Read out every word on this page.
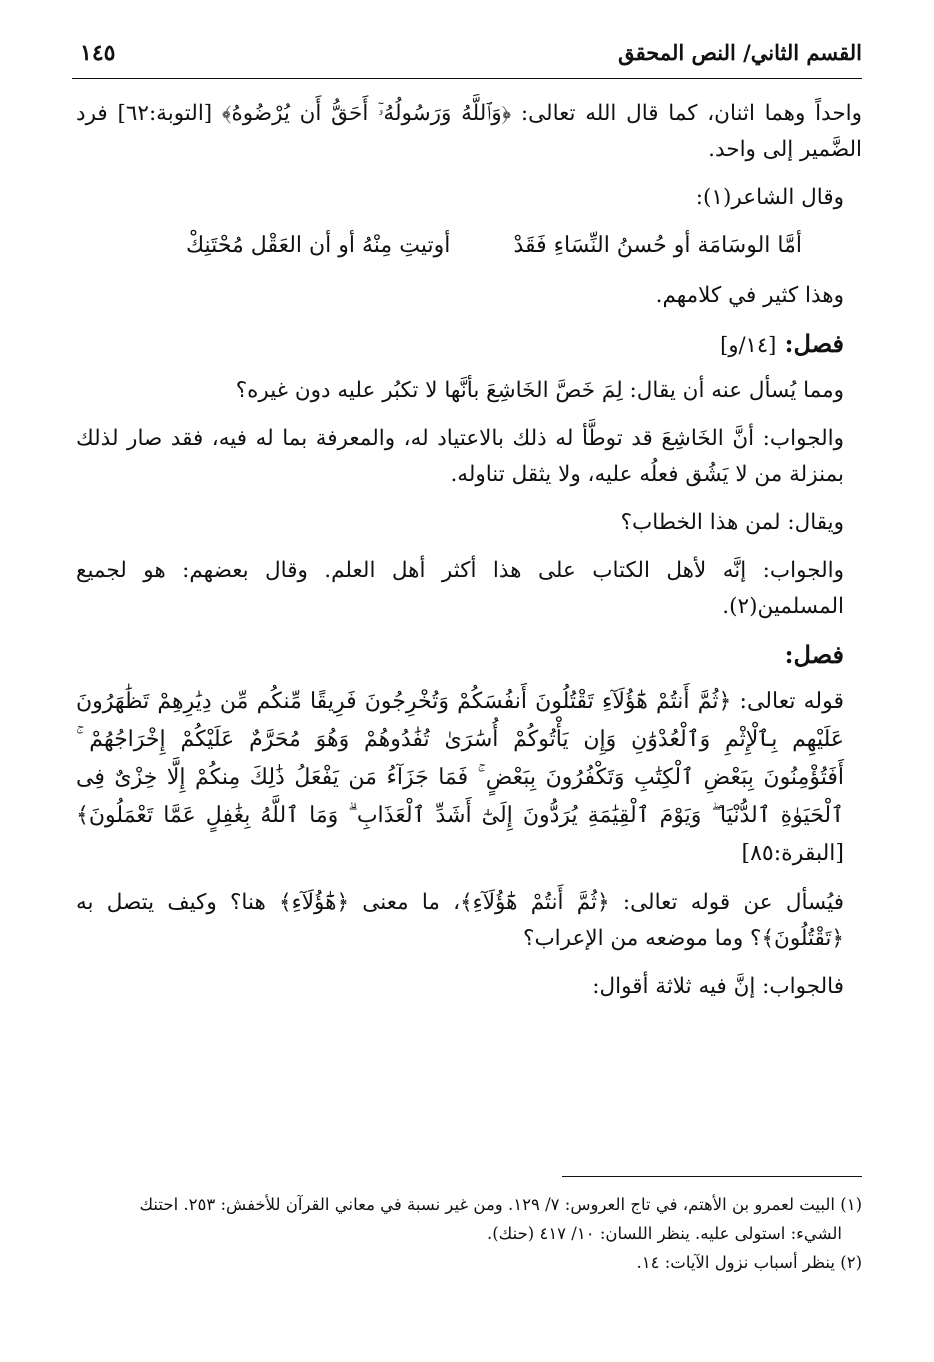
القسم الثاني/ النص المحقق
١٤٥

واحداً وهما اثنان، كما قال الله تعالى: ﴿وَٱللَّهُ وَرَسُولُهُۥٓ أَحَقُّ أَن يُرْضُوهُ﴾ [التوبة:٦٢] فرد الضَّمير إلى واحد.

وقال الشاعر(١):

أمَّا الوسَامَة أو حُسنُ النِّسَاءِ فَقَدْ
أوتيتِ مِنْهُ أو أن العَقْل مُحْتَنِكْ

وهذا كثير في كلامهم.

فصل: [١٤/و]

ومما يُسأل عنه أن يقال: لِمَ خَصَّ الخَاشِعَ بأنَّها لا تكبُر عليه دون غيره؟

والجواب: أنَّ الخَاشِعَ قد توطَّأ له ذلك بالاعتياد له، والمعرفة بما له فيه، فقد صار لذلك بمنزلة من لا يَشُق فعلُه عليه، ولا يثقل تناوله.

ويقال: لمن هذا الخطاب؟

والجواب: إنَّه لأهل الكتاب على هذا أكثر أهل العلم. وقال بعضهم: هو لجميع المسلمين(٢).

فصل:

قوله تعالى: ﴿ثُمَّ أَنتُمْ هَٰٓؤُلَآءِ تَقْتُلُونَ أَنفُسَكُمْ وَتُخْرِجُونَ فَرِيقًا مِّنكُم مِّن دِيَٰرِهِمْ تَظَٰهَرُونَ عَلَيْهِم بِٱلْإِثْمِ وَٱلْعُدْوَٰنِ وَإِن يَأْتُوكُمْ أُسَٰرَىٰ تُفَٰدُوهُمْ وَهُوَ مُحَرَّمٌ عَلَيْكُمْ إِخْرَاجُهُمْ ۚ أَفَتُؤْمِنُونَ بِبَعْضِ ٱلْكِتَٰبِ وَتَكْفُرُونَ بِبَعْضٍ ۚ فَمَا جَزَآءُ مَن يَفْعَلُ ذَٰلِكَ مِنكُمْ إِلَّا خِزْىٌ فِى ٱلْحَيَوٰةِ ٱلدُّنْيَا ۖ وَيَوْمَ ٱلْقِيَٰمَةِ يُرَدُّونَ إِلَىٰٓ أَشَدِّ ٱلْعَذَابِ ۗ وَمَا ٱللَّهُ بِغَٰفِلٍ عَمَّا تَعْمَلُونَ﴾ [البقرة:٨٥]

فيُسأل عن قوله تعالى: ﴿ثُمَّ أَنتُمْ هَٰٓؤُلَآءِ﴾، ما معنى ﴿هَٰٓؤُلَآءِ﴾ هنا؟ وكيف يتصل به ﴿تَقْتُلُونَ﴾؟ وما موضعه من الإعراب؟

فالجواب: إنَّ فيه ثلاثة أقوال:

(١) البيت لعمرو بن الأهتم، في تاج العروس: ٧/ ١٢٩. ومن غير نسبة في معاني القرآن للأخفش: ٢٥٣. احتنك

الشيء: استولى عليه. ينظر اللسان: ١٠/ ٤١٧ (حنك).

(٢) ينظر أسباب نزول الآيات: ١٤.
